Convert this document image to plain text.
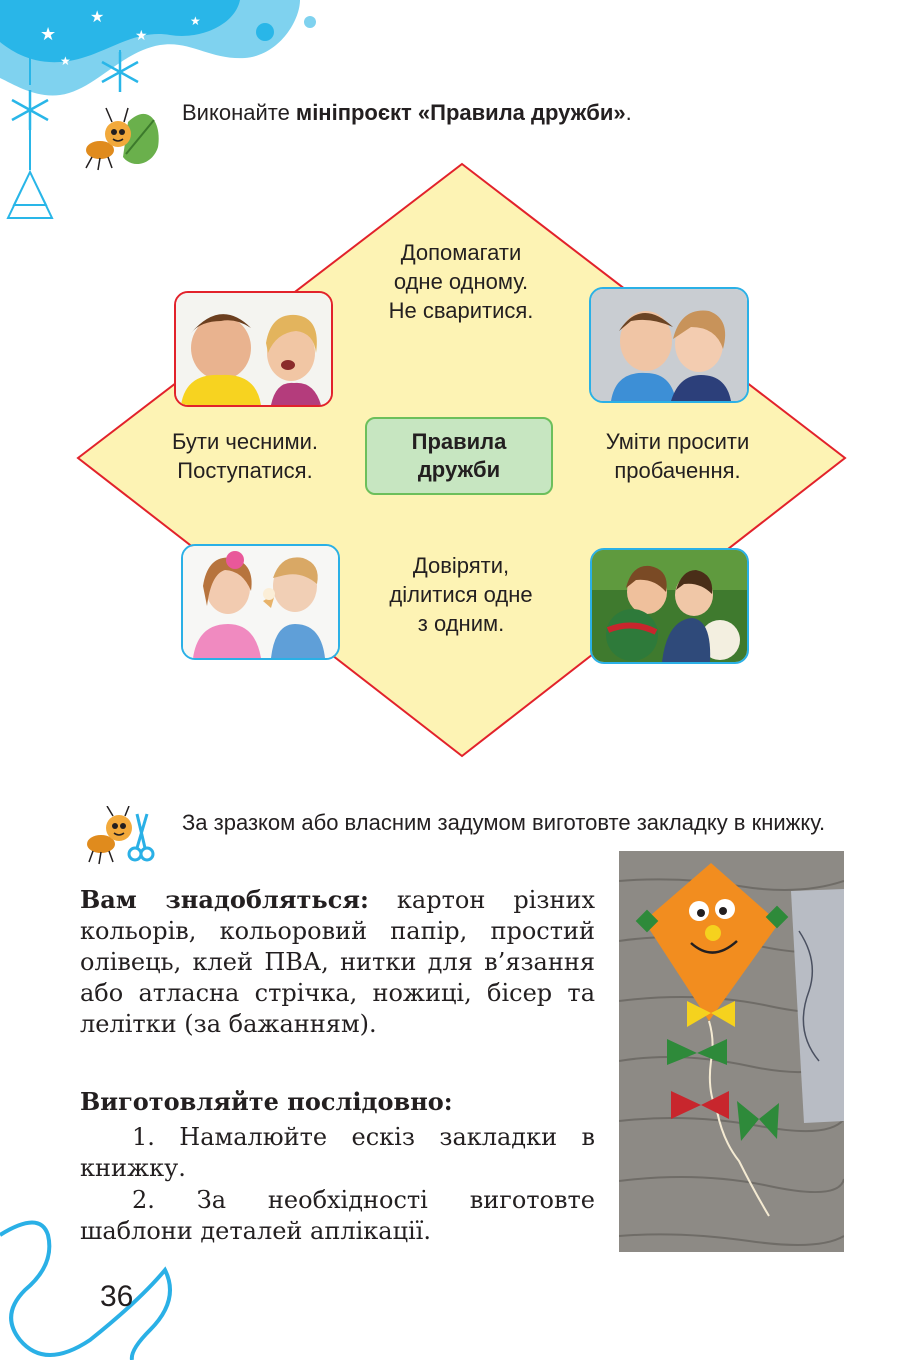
★
★
★
★
★
Виконайте мініпроєкт «Правила дружби».
Допомагати
одне одному.
Не сваритися.
Бути чесними.
Поступатися.
Уміти просити
пробачення.
Довіряти,
ділитися одне
з одним.
Правила
дружби
За зразком або власним задумом виготовте закладку в книжку.
Вам знадобляться: картон різних кольорів, кольоровий папір, простий олівець, клей ПВА, нитки для в’язання або атласна стрічка, ножиці, бісер та лелітки (за бажанням).
Виготовляйте послідовно:
1. Намалюйте ескіз закладки в книжку.
2. За необхідності виготовте шаблони деталей аплікації.
36
